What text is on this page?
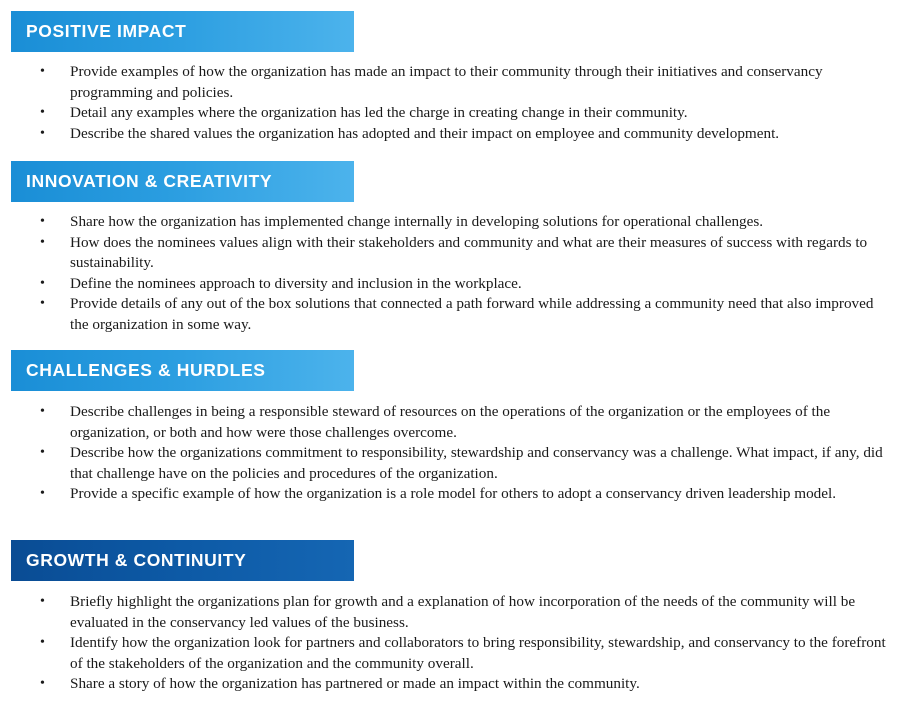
POSITIVE IMPACT
• Provide examples of how the organization has made an impact to their community through their initiatives and conservancy programming and policies.
• Detail any examples where the organization has led the charge in creating change in their community.
• Describe the shared values the organization has adopted and their impact on employee and community development.
INNOVATION & CREATIVITY
• Share how the organization has implemented change internally in developing solutions for operational challenges.
• How does the nominees values align with their stakeholders and community and what are their measures of success with regards to sustainability.
• Define the nominees approach to diversity and inclusion in the workplace.
• Provide details of any out of the box solutions that connected a path forward while addressing a community need that also improved the organization in some way.
CHALLENGES & HURDLES
• Describe challenges in being a responsible steward of resources on the operations of the organization or the employees of the organization, or both and how were those challenges overcome.
• Describe how the organizations commitment to responsibility, stewardship and conservancy was a challenge. What impact, if any, did that challenge have on the policies and procedures of the organization.
• Provide a specific example of how the organization is a role model for others to adopt a conservancy driven leadership model.
GROWTH & CONTINUITY
• Briefly highlight the organizations plan for growth and a explanation of how incorporation of the needs of the community will be evaluated in the conservancy led values of the business.
• Identify how the organization look for partners and collaborators to bring responsibility, stewardship, and conservancy to the forefront of the stakeholders of the organization and the community overall.
• Share a story of how the organization has partnered or made an impact within the community.
